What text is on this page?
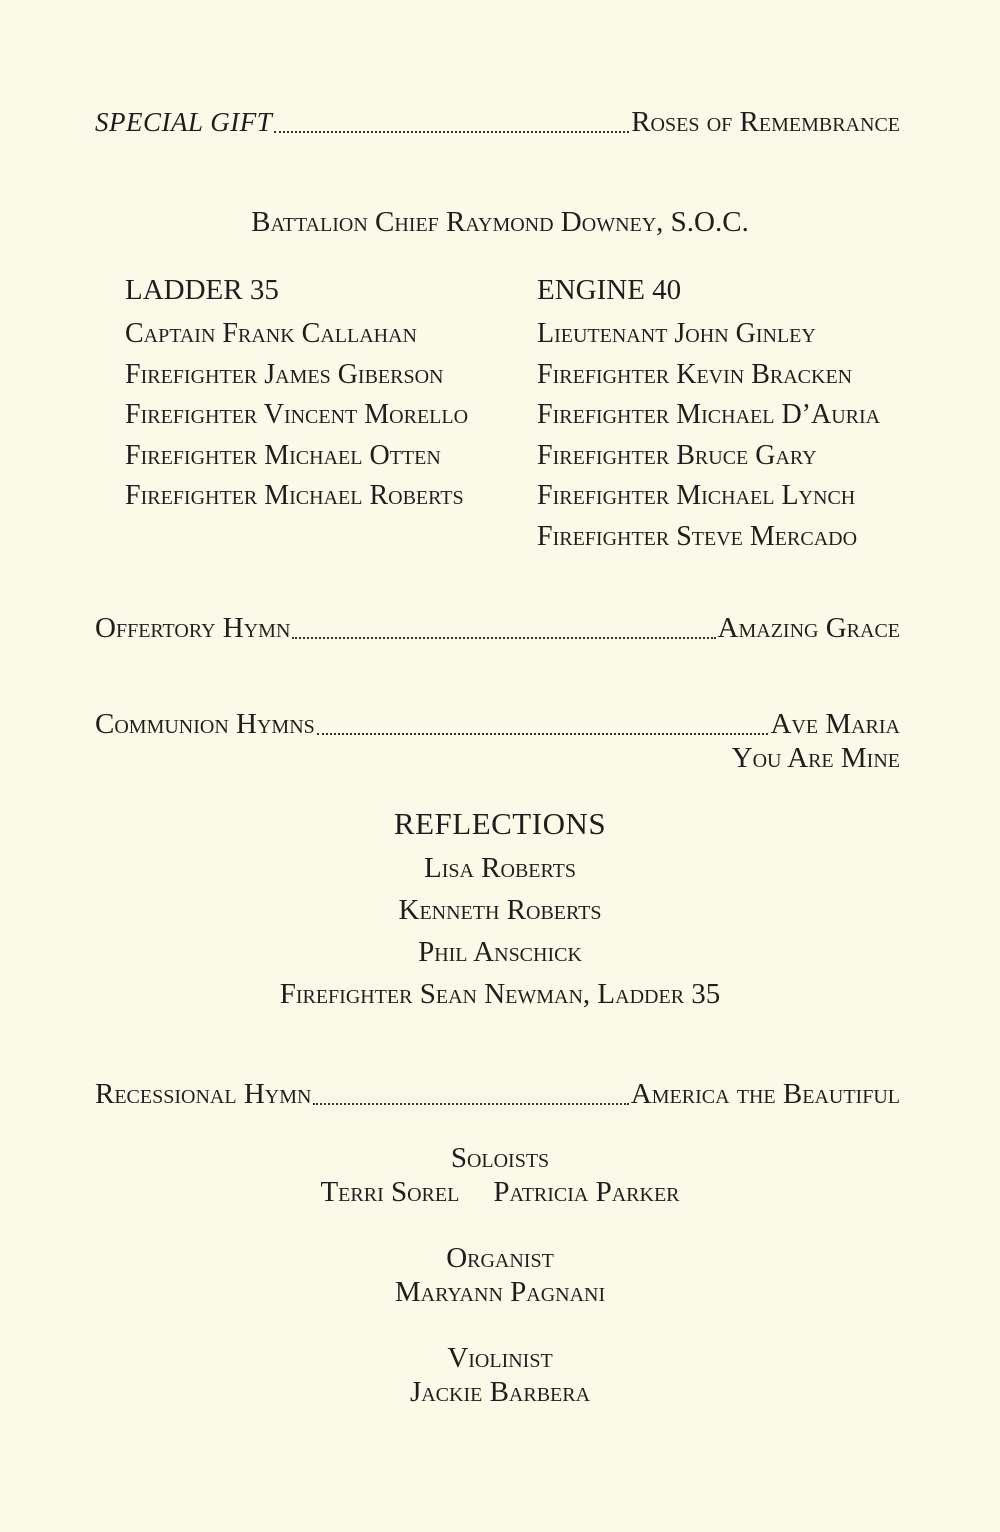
SPECIAL GIFT	Roses of Remembrance
Battalion Chief Raymond Downey, S.O.C.
LADDER 35
Captain Frank Callahan
Firefighter James Giberson
Firefighter Vincent Morello
Firefighter Michael Otten
Firefighter Michael Roberts
ENGINE 40
Lieutenant John Ginley
Firefighter Kevin Bracken
Firefighter Michael D’Auria
Firefighter Bruce Gary
Firefighter Michael Lynch
Firefighter Steve Mercado
Offertory Hymn	Amazing Grace
Communion Hymns	Ave Maria
You Are Mine
REFLECTIONS
Lisa Roberts
Kenneth Roberts
Phil Anschick
Firefighter Sean Newman, Ladder 35
Recessional Hymn	America the Beautiful
Soloists
Terri Sorel Patricia Parker
Organist
Maryann Pagnani
Violinist
Jackie Barbera
